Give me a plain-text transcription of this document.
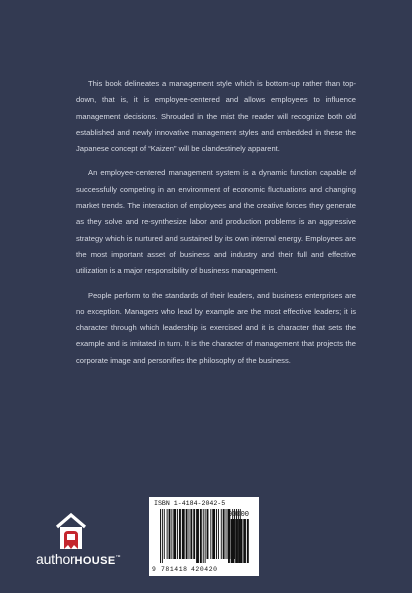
This book delineates a management style which is bottom-up rather than top-down, that is, it is employee-centered and allows employees to influence management decisions. Shrouded in the mist the reader will recognize both old established and newly innovative management styles and embedded in these the Japanese concept of “Kaizen” will be clandestinely apparent.

An employee-centered management system is a dynamic function capable of successfully competing in an environment of economic fluctuations and changing market trends. The interaction of employees and the creative forces they generate as they solve and re-synthesize labor and production problems is an aggressive strategy which is nurtured and sustained by its own internal energy. Employees are the most important asset of business and industry and their full and effective utilization is a major responsibility of business management.

People perform to the standards of their leaders, and business enterprises are no exception. Managers who lead by example are the most effective leaders; it is character through which leadership is exercised and it is character that sets the example and is imitated in turn. It is the character of management that projects the corporate image and personifies the philosophy of the business.

authorHOUSE™
ISBN 1-4184-2042-5
90000
9 781418 420420
